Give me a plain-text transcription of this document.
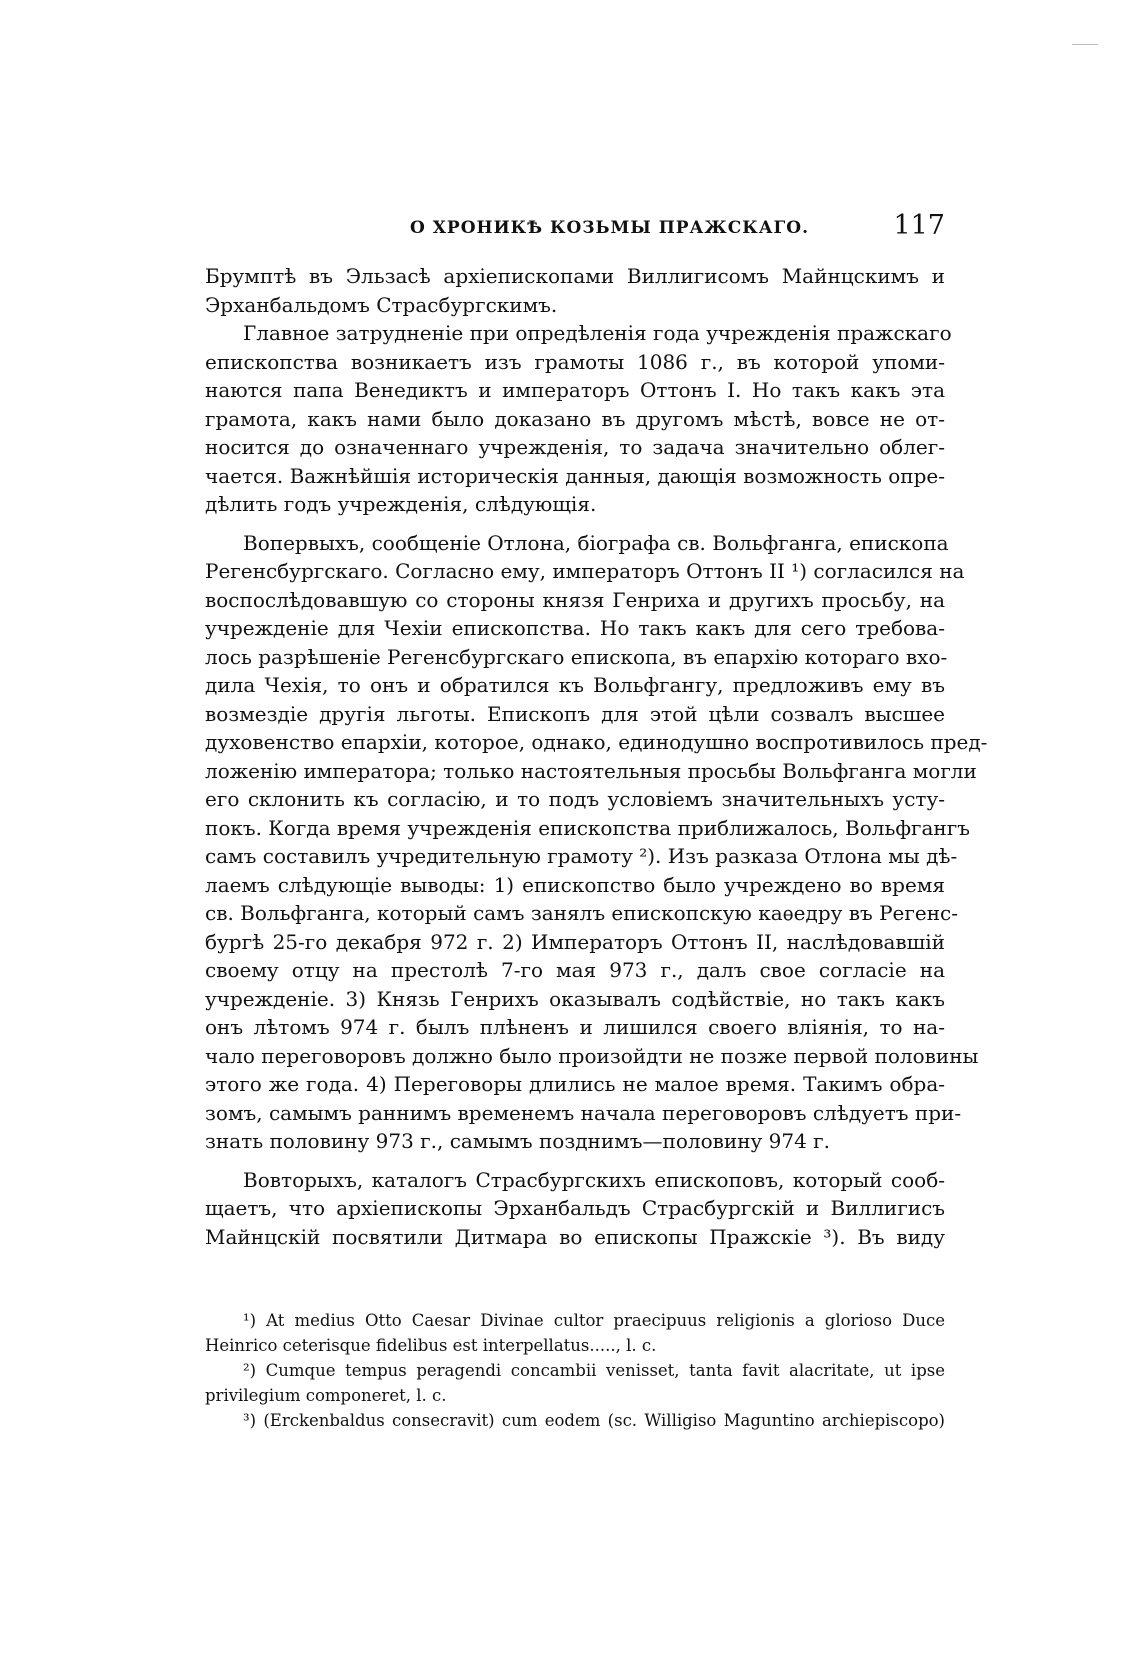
О ХРОНИКѢ КОЗЬМЫ ПРАЖСКАГО.	117
Брумптѣ въ Эльзасѣ архіепископами Виллигисомъ Майнцскимъ и
Эрханбальдомъ Страсбургскимъ.
Главное затрудненіе при опредѣленія года учрежденія пражскаго
епископства возникаетъ изъ грамоты 1086 г., въ которой упоми-
наются папа Венедиктъ и императоръ Оттонъ I. Но такъ какъ эта
грамота, какъ нами было доказано въ другомъ мѣстѣ, вовсе не от-
носится до означеннаго учрежденія, то задача значительно облег-
чается. Важнѣйшія историческія данныя, дающія возможность опре-
дѣлить годъ учрежденія, слѣдующія.
Вопервыхъ, сообщеніе Отлона, біографа св. Вольфганга, епископа
Регенсбургскаго. Согласно ему, императоръ Оттонъ II ¹) согласился на
воспослѣдовавшую со стороны князя Генриха и другихъ просьбу, на
учрежденіе для Чехіи епископства. Но такъ какъ для сего требова-
лось разрѣшеніе Регенсбургскаго епископа, въ епархію котораго вхо-
дила Чехія, то онъ и обратился къ Вольфгангу, предложивъ ему въ
возмездіе другія льготы. Епископъ для этой цѣли созвалъ высшее
духовенство епархіи, которое, однако, единодушно воспротивилось пред-
ложенію императора; только настоятельныя просьбы Вольфганга могли
его склонить къ согласію, и то подъ условіемъ значительныхъ усту-
покъ. Когда время учрежденія епископства приближалось, Вольфгангъ
самъ составилъ учредительную грамоту ²). Изъ разказа Отлона мы дѣ-
лаемъ слѣдующіе выводы: 1) епископство было учреждено во время
св. Вольфганга, который самъ занялъ епископскую каѳедру въ Регенс-
бургѣ 25-го декабря 972 г. 2) Императоръ Оттонъ II, наслѣдовавшій
своему отцу на престолѣ 7-го мая 973 г., далъ свое согласіе на
учрежденіе. 3) Князь Генрихъ оказывалъ содѣйствіе, но такъ какъ
онъ лѣтомъ 974 г. былъ плѣненъ и лишился своего вліянія, то на-
чало переговоровъ должно было произойдти не позже первой половины
этого же года. 4) Переговоры длились не малое время. Такимъ обра-
зомъ, самымъ раннимъ временемъ начала переговоровъ слѣдуетъ при-
знать половину 973 г., самымъ позднимъ—половину 974 г.
Вовторыхъ, каталогъ Страсбургскихъ епископовъ, который сооб-
щаетъ, что архіепископы Эрханбальдъ Страсбургскій и Виллигисъ
Майнцскій посвятили Дитмара во епископы Пражскіе ³). Въ виду
¹) At medius Otto Caesar Divinae cultor praecipuus religionis a glorioso Duce
Heinrico ceterisque fidelibus est interpellatus....., l. c.
²) Cumque tempus peragendi concambii venisset, tanta favit alacritate, ut ipse
privilegium componeret, l. c.
³) (Erckenbaldus consecravit) cum eodem (sc. Willigiso Maguntino archiepiscopo)
